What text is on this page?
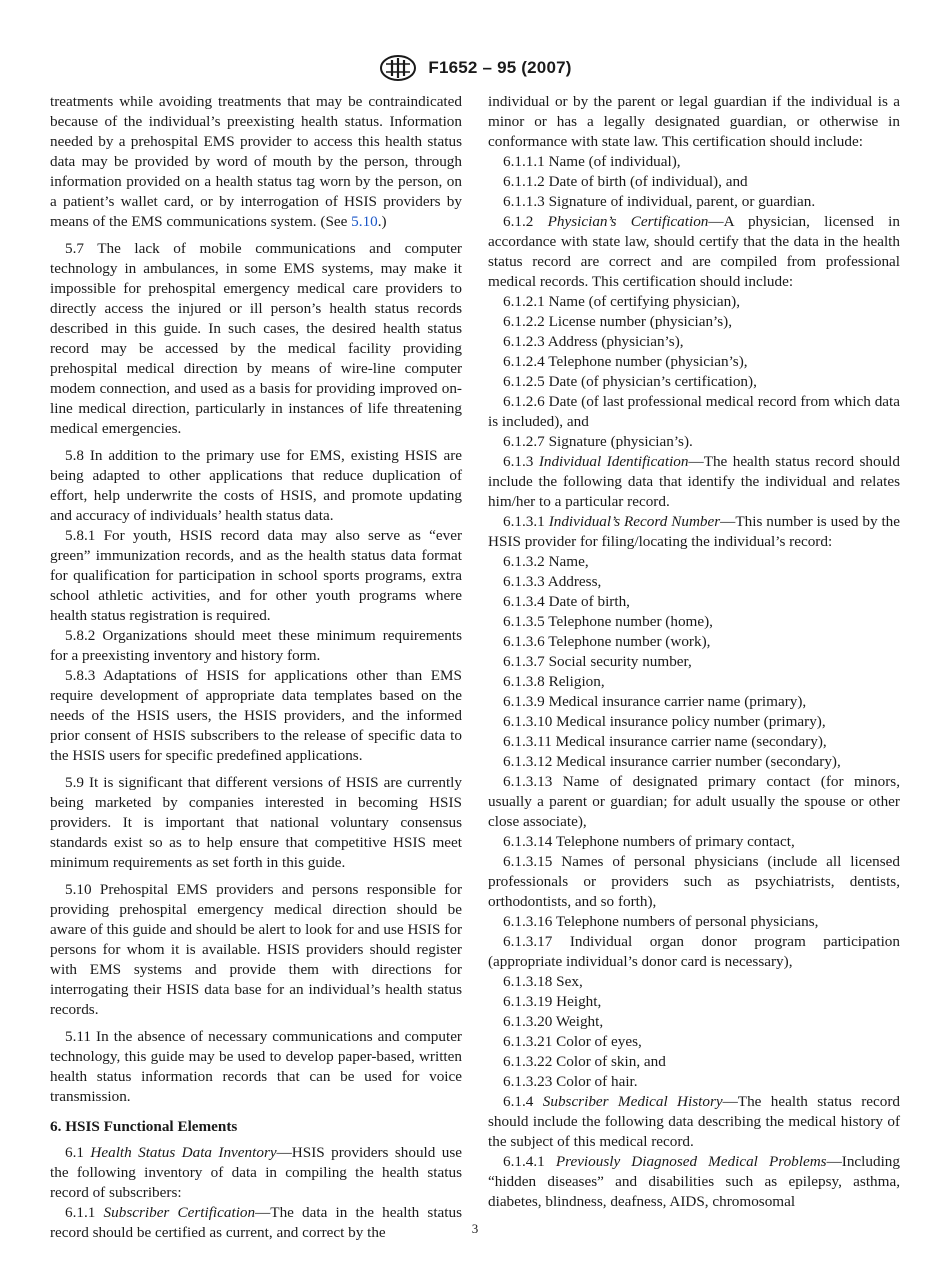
F1652 – 95 (2007)

treatments while avoiding treatments that may be contraindicated because of the individual’s preexisting health status. Information needed by a prehospital EMS provider to access this health status data may be provided by word of mouth by the person, through information provided on a health status tag worn by the person, on a patient’s wallet card, or by interrogation of HSIS providers by means of the EMS communications system. (See 5.10.)

5.7 The lack of mobile communications and computer technology in ambulances, in some EMS systems, may make it impossible for prehospital emergency medical care providers to directly access the injured or ill person’s health status records described in this guide. In such cases, the desired health status record may be accessed by the medical facility providing prehospital medical direction by means of wire-line computer modem connection, and used as a basis for providing improved on-line medical direction, particularly in instances of life threatening medical emergencies.

5.8 In addition to the primary use for EMS, existing HSIS are being adapted to other applications that reduce duplication of effort, help underwrite the costs of HSIS, and promote updating and accuracy of individuals’ health status data.

5.8.1 For youth, HSIS record data may also serve as “ever green” immunization records, and as the health status data format for qualification for participation in school sports programs, extra school athletic activities, and for other youth programs where health status registration is required.

5.8.2 Organizations should meet these minimum requirements for a preexisting inventory and history form.

5.8.3 Adaptations of HSIS for applications other than EMS require development of appropriate data templates based on the needs of the HSIS users, the HSIS providers, and the informed prior consent of HSIS subscribers to the release of specific data to the HSIS users for specific predefined applications.

5.9 It is significant that different versions of HSIS are currently being marketed by companies interested in becoming HSIS providers. It is important that national voluntary consensus standards exist so as to help ensure that competitive HSIS meet minimum requirements as set forth in this guide.

5.10 Prehospital EMS providers and persons responsible for providing prehospital emergency medical direction should be aware of this guide and should be alert to look for and use HSIS for persons for whom it is available. HSIS providers should register with EMS systems and provide them with directions for interrogating their HSIS data base for an individual’s health status records.

5.11 In the absence of necessary communications and computer technology, this guide may be used to develop paper-based, written health status information records that can be used for voice transmission.

6. HSIS Functional Elements

6.1 Health Status Data Inventory—HSIS providers should use the following inventory of data in compiling the health status record of subscribers:

6.1.1 Subscriber Certification—The data in the health status record should be certified as current, and correct by the

individual or by the parent or legal guardian if the individual is a minor or has a legally designated guardian, or otherwise in conformance with state law. This certification should include:

6.1.1.1 Name (of individual),

6.1.1.2 Date of birth (of individual), and

6.1.1.3 Signature of individual, parent, or guardian.

6.1.2 Physician’s Certification—A physician, licensed in accordance with state law, should certify that the data in the health status record are correct and are compiled from professional medical records. This certification should include:

6.1.2.1 Name (of certifying physician),

6.1.2.2 License number (physician’s),

6.1.2.3 Address (physician’s),

6.1.2.4 Telephone number (physician’s),

6.1.2.5 Date (of physician’s certification),

6.1.2.6 Date (of last professional medical record from which data is included), and

6.1.2.7 Signature (physician’s).

6.1.3 Individual Identification—The health status record should include the following data that identify the individual and relates him/her to a particular record.

6.1.3.1 Individual’s Record Number—This number is used by the HSIS provider for filing/locating the individual’s record:

6.1.3.2 Name,

6.1.3.3 Address,

6.1.3.4 Date of birth,

6.1.3.5 Telephone number (home),

6.1.3.6 Telephone number (work),

6.1.3.7 Social security number,

6.1.3.8 Religion,

6.1.3.9 Medical insurance carrier name (primary),

6.1.3.10 Medical insurance policy number (primary),

6.1.3.11 Medical insurance carrier name (secondary),

6.1.3.12 Medical insurance carrier number (secondary),

6.1.3.13 Name of designated primary contact (for minors, usually a parent or guardian; for adult usually the spouse or other close associate),

6.1.3.14 Telephone numbers of primary contact,

6.1.3.15 Names of personal physicians (include all licensed professionals or providers such as psychiatrists, dentists, orthodontists, and so forth),

6.1.3.16 Telephone numbers of personal physicians,

6.1.3.17 Individual organ donor program participation (appropriate individual’s donor card is necessary),

6.1.3.18 Sex,

6.1.3.19 Height,

6.1.3.20 Weight,

6.1.3.21 Color of eyes,

6.1.3.22 Color of skin, and

6.1.3.23 Color of hair.

6.1.4 Subscriber Medical History—The health status record should include the following data describing the medical history of the subject of this medical record.

6.1.4.1 Previously Diagnosed Medical Problems—Including “hidden diseases” and disabilities such as epilepsy, asthma, diabetes, blindness, deafness, AIDS, chromosomal

3
